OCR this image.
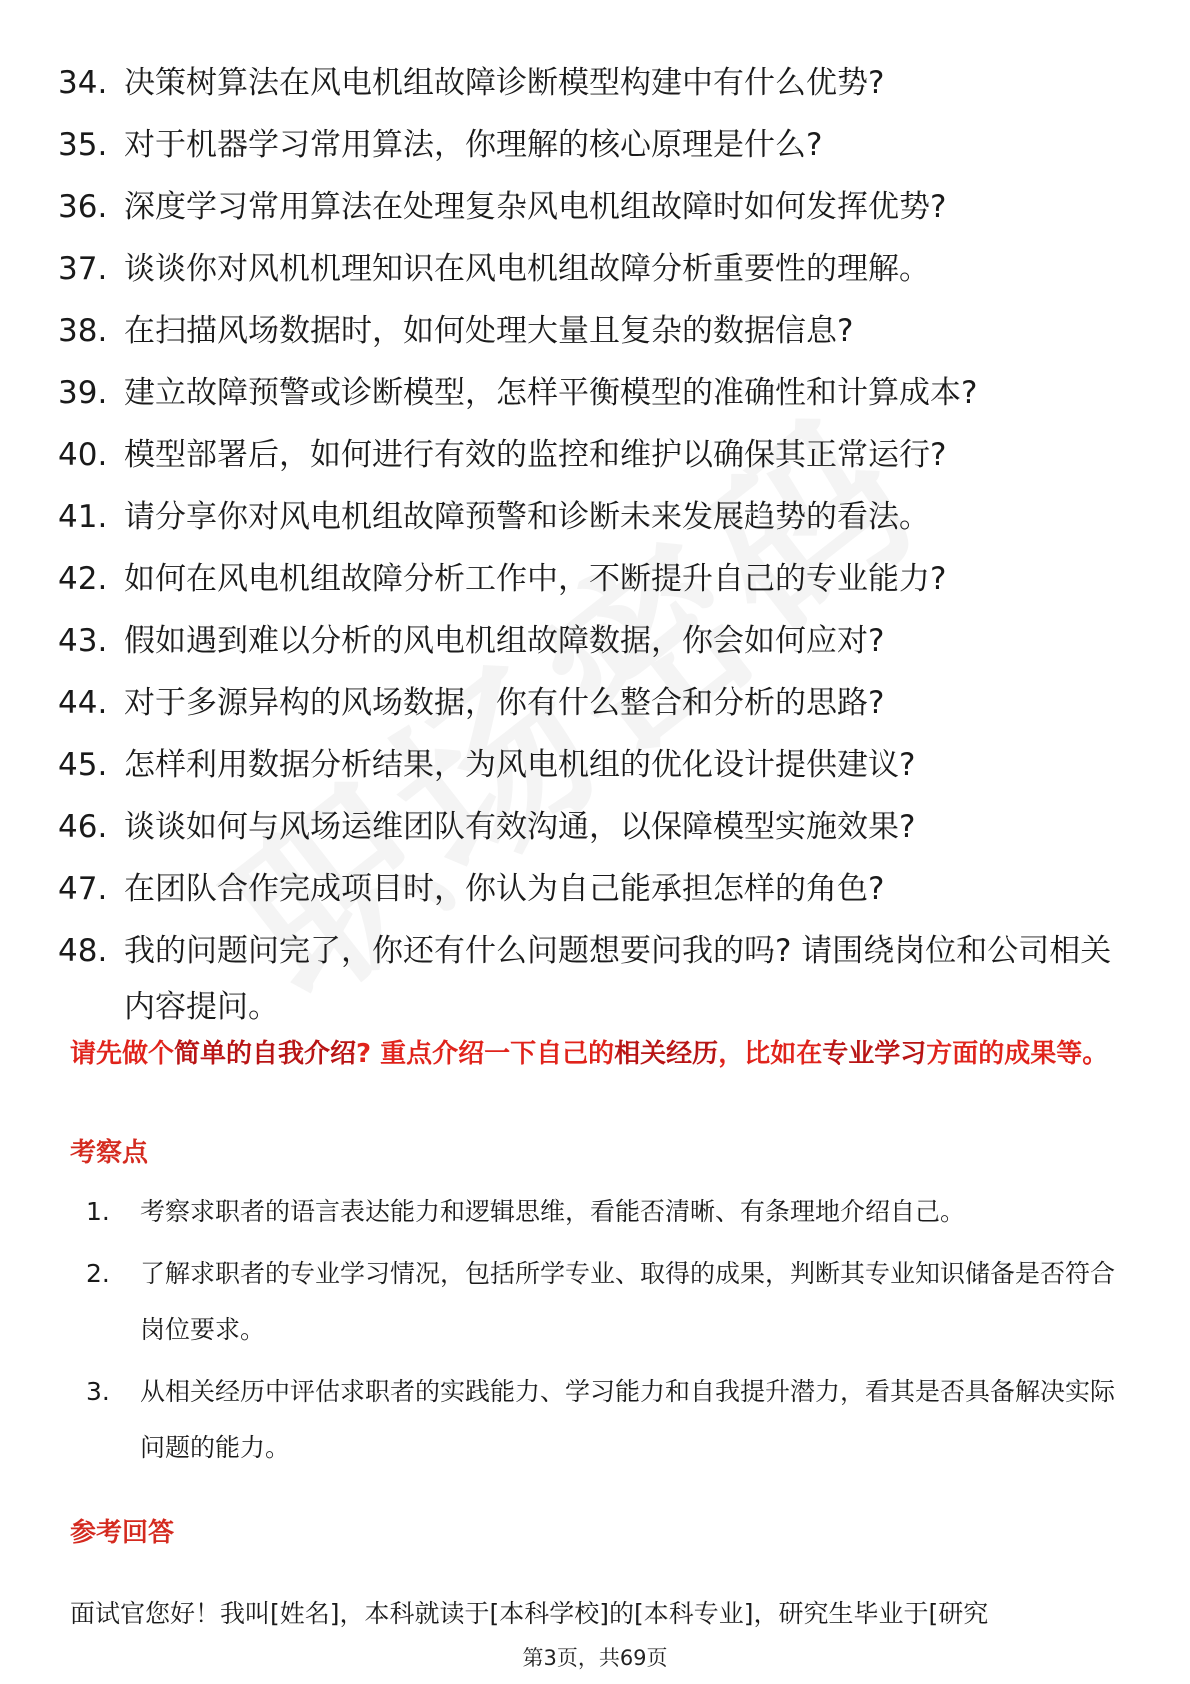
34. 决策树算法在风电机组故障诊断模型构建中有什么优势?
35. 对于机器学习常用算法，你理解的核心原理是什么?
36. 深度学习常用算法在处理复杂风电机组故障时如何发挥优势?
37. 谈谈你对风机机理知识在风电机组故障分析重要性的理解。
38. 在扫描风场数据时，如何处理大量且复杂的数据信息?
39. 建立故障预警或诊断模型，怎样平衡模型的准确性和计算成本?
40. 模型部署后，如何进行有效的监控和维护以确保其正常运行?
41. 请分享你对风电机组故障预警和诊断未来发展趋势的看法。
42. 如何在风电机组故障分析工作中，不断提升自己的专业能力?
43. 假如遇到难以分析的风电机组故障数据，你会如何应对?
44. 对于多源异构的风场数据，你有什么整合和分析的思路?
45. 怎样利用数据分析结果，为风电机组的优化设计提供建议?
46. 谈谈如何与风场运维团队有效沟通，以保障模型实施效果?
47. 在团队合作完成项目时，你认为自己能承担怎样的角色?
48. 我的问题问完了，你还有什么问题想要问我的吗? 请围绕岗位和公司相关内容提问。
请先做个简单的自我介绍? 重点介绍一下自己的相关经历，比如在专业学习方面的成果等。
考察点
1.	考察求职者的语言表达能力和逻辑思维，看能否清晰、有条理地介绍自己。
2.	了解求职者的专业学习情况，包括所学专业、取得的成果，判断其专业知识储备是否符合岗位要求。
3.	从相关经历中评估求职者的实践能力、学习能力和自我提升潜力，看其是否具备解决实际问题的能力。
参考回答
面试官您好！我叫[姓名]，本科就读于[本科学校]的[本科专业]，研究生毕业于[研究
第3页，共69页
